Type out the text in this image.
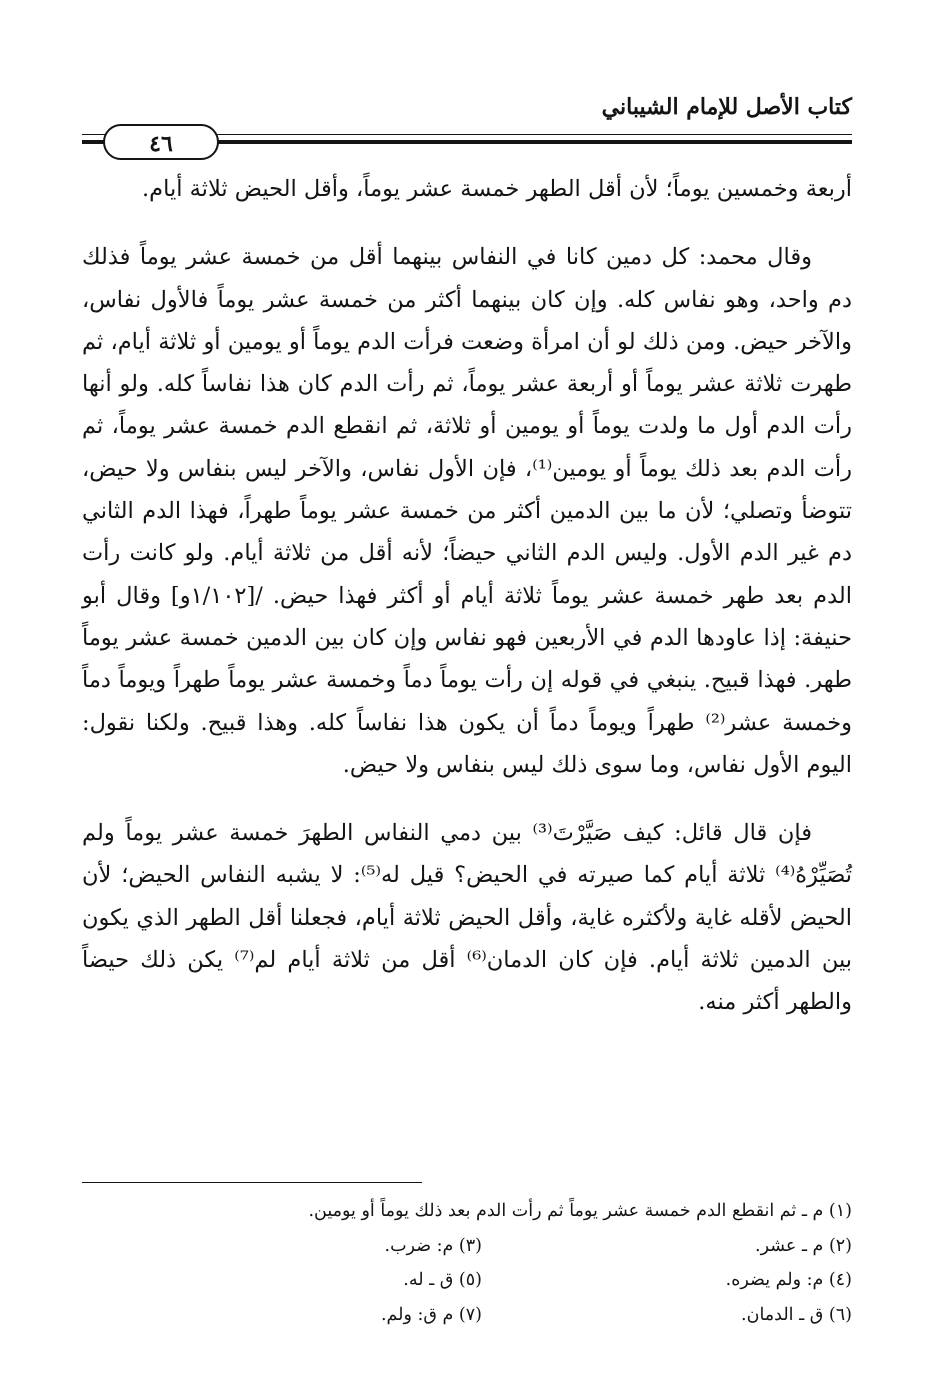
كتاب الأصل للإمام الشيباني
٤٦

أربعة وخمسين يوماً؛ لأن أقل الطهر خمسة عشر يوماً، وأقل الحيض ثلاثة أيام.

وقال محمد: كل دمين كانا في النفاس بينهما أقل من خمسة عشر يوماً فذلك دم واحد، وهو نفاس كله. وإن كان بينهما أكثر من خمسة عشر يوماً فالأول نفاس، والآخر حيض. ومن ذلك لو أن امرأة وضعت فرأت الدم يوماً أو يومين أو ثلاثة أيام، ثم طهرت ثلاثة عشر يوماً أو أربعة عشر يوماً، ثم رأت الدم كان هذا نفاساً كله. ولو أنها رأت الدم أول ما ولدت يوماً أو يومين أو ثلاثة، ثم انقطع الدم خمسة عشر يوماً، ثم رأت الدم بعد ذلك يوماً أو يومين⁽¹⁾، فإن الأول نفاس، والآخر ليس بنفاس ولا حيض، تتوضأ وتصلي؛ لأن ما بين الدمين أكثر من خمسة عشر يوماً طهراً، فهذا الدم الثاني دم غير الدم الأول. وليس الدم الثاني حيضاً؛ لأنه أقل من ثلاثة أيام. ولو كانت رأت الدم بعد طهر خمسة عشر يوماً ثلاثة أيام أو أكثر فهذا حيض. /[١/١٠٢و] وقال أبو حنيفة: إذا عاودها الدم في الأربعين فهو نفاس وإن كان بين الدمين خمسة عشر يوماً طهر. فهذا قبيح. ينبغي في قوله إن رأت يوماً دماً وخمسة عشر يوماً طهراً ويوماً دماً وخمسة عشر⁽²⁾ طهراً ويوماً دماً أن يكون هذا نفاساً كله. وهذا قبيح. ولكنا نقول: اليوم الأول نفاس، وما سوى ذلك ليس بنفاس ولا حيض.

فإن قال قائل: كيف صَيَّرْتَ⁽³⁾ بين دمي النفاس الطهرَ خمسة عشر يوماً ولم تُصَيِّرْهُ⁽⁴⁾ ثلاثة أيام كما صيرته في الحيض؟ قيل له⁽⁵⁾: لا يشبه النفاس الحيض؛ لأن الحيض لأقله غاية ولأكثره غاية، وأقل الحيض ثلاثة أيام، فجعلنا أقل الطهر الذي يكون بين الدمين ثلاثة أيام. فإن كان الدمان⁽⁶⁾ أقل من ثلاثة أيام لم⁽⁷⁾ يكن ذلك حيضاً والطهر أكثر منه.

(١) م ـ ثم انقطع الدم خمسة عشر يوماً ثم رأت الدم بعد ذلك يوماً أو يومين.
(٢) م ـ عشر.
(٣) م: ضرب.
(٤) م: ولم يضره.
(٥) ق ـ له.
(٦) ق ـ الدمان.
(٧) م ق: ولم.
